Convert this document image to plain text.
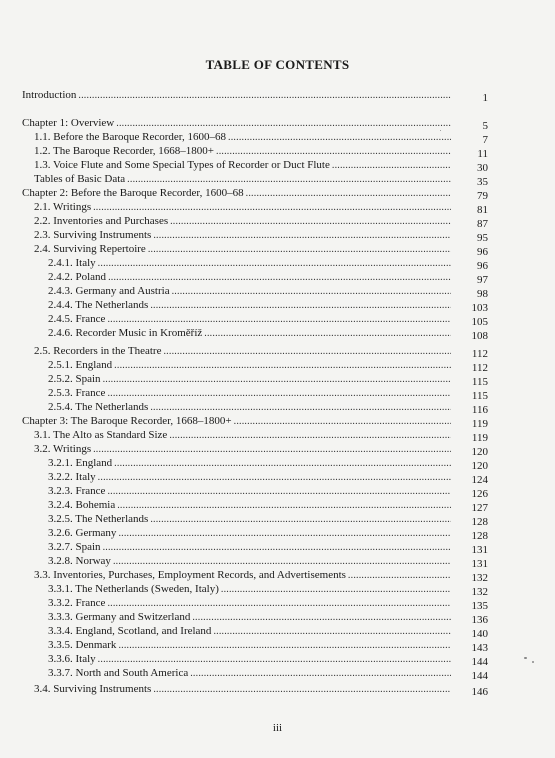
TABLE OF CONTENTS
Introduction .....	1
Chapter 1: Overview .....	5
1.1. Before the Baroque Recorder, 1600–68 .....	7
1.2. The Baroque Recorder, 1668–1800+ .....	11
1.3. Voice Flute and Some Special Types of Recorder or Duct Flute .....	30
Tables of Basic Data .....	35
Chapter 2: Before the Baroque Recorder, 1600–68 .....	79
2.1. Writings .....	81
2.2. Inventories and Purchases .....	87
2.3. Surviving Instruments .....	95
2.4. Surviving Repertoire .....	96
2.4.1. Italy .....	96
2.4.2. Poland .....	97
2.4.3. Germany and Austria .....	98
2.4.4. The Netherlands .....	103
2.4.5. France .....	105
2.4.6. Recorder Music in Kroměříž .....	108
2.5. Recorders in the Theatre .....	112
2.5.1. England .....	112
2.5.2. Spain .....	115
2.5.3. France .....	115
2.5.4. The Netherlands .....	116
Chapter 3: The Baroque Recorder, 1668–1800+ .....	119
3.1. The Alto as Standard Size .....	119
3.2. Writings .....	120
3.2.1. England .....	120
3.2.2. Italy .....	124
3.2.3. France .....	126
3.2.4. Bohemia .....	127
3.2.5. The Netherlands .....	128
3.2.6. Germany .....	128
3.2.7. Spain .....	131
3.2.8. Norway .....	131
3.3. Inventories, Purchases, Employment Records, and Advertisements .....	132
3.3.1. The Netherlands (Sweden, Italy) .....	132
3.3.2. France .....	135
3.3.3. Germany and Switzerland .....	136
3.3.4. England, Scotland, and Ireland .....	140
3.3.5. Denmark .....	143
3.3.6. Italy .....	144
3.3.7. North and South America .....	144
3.4. Surviving Instruments .....	146
iii
